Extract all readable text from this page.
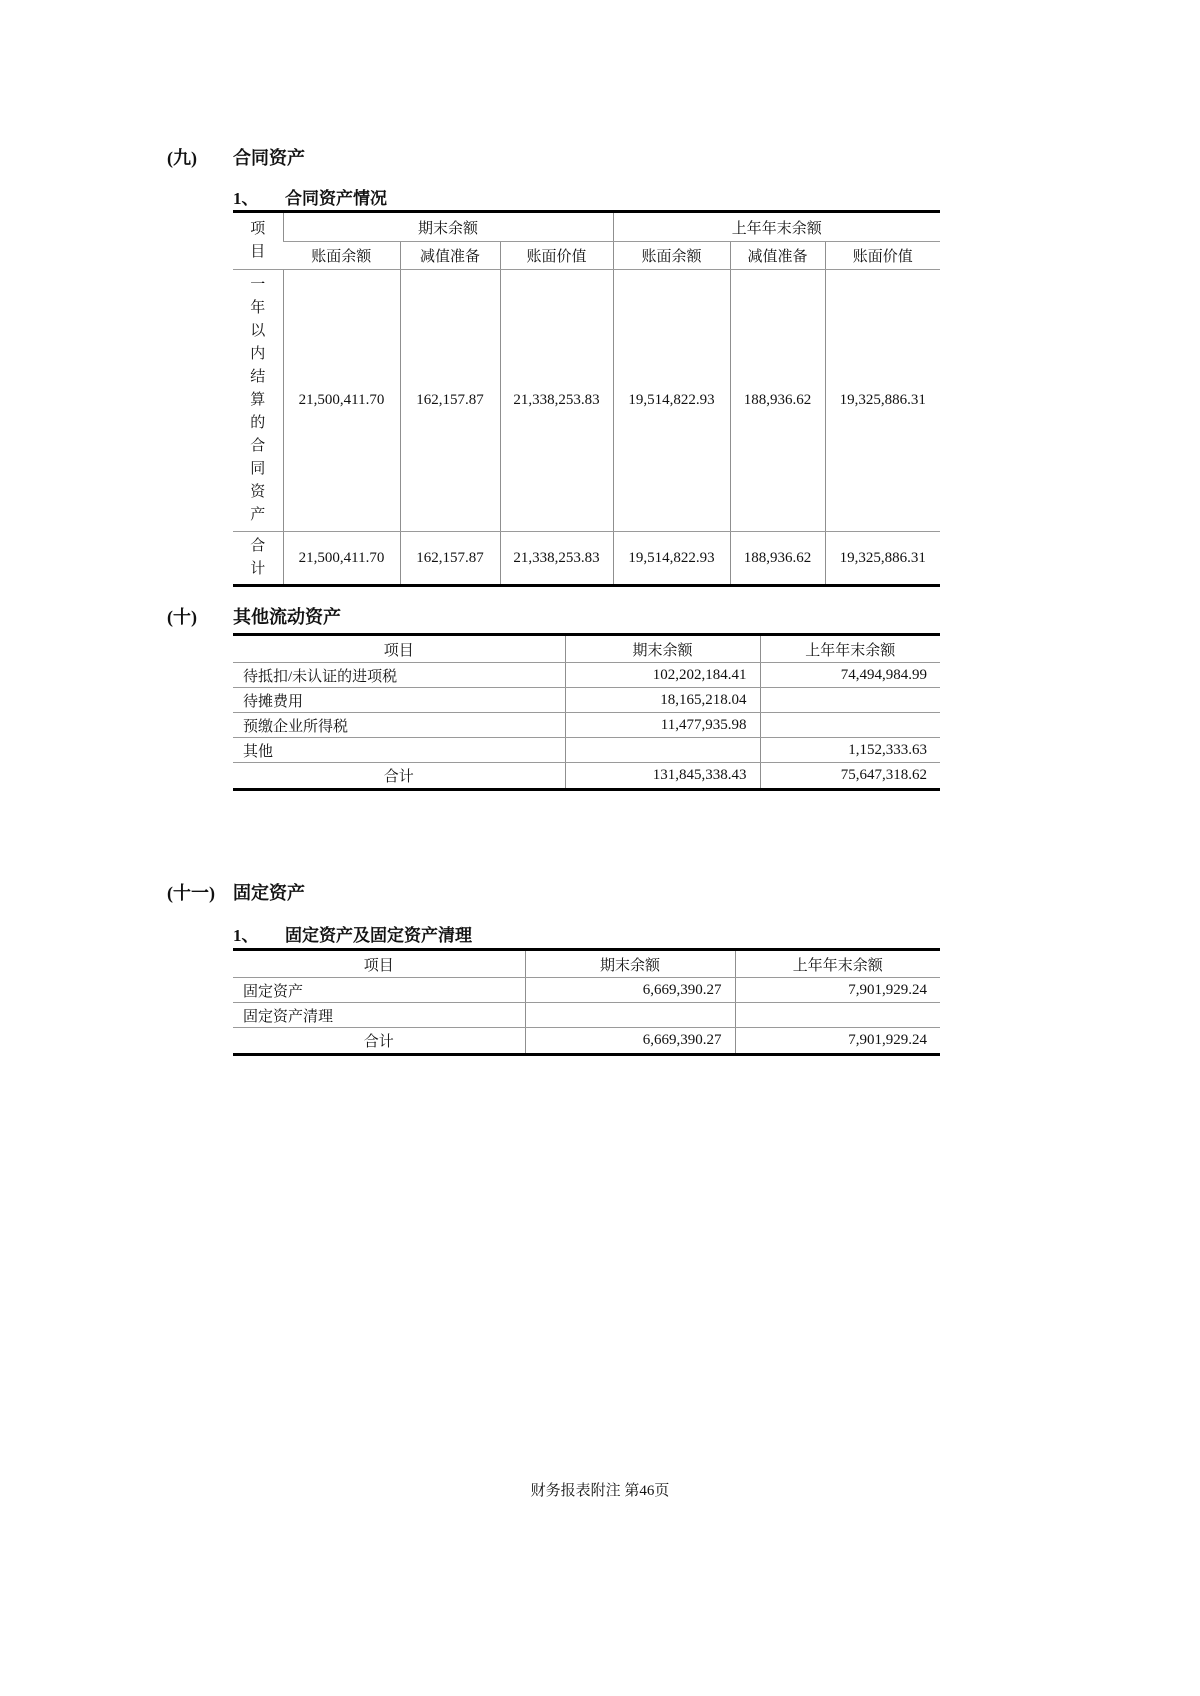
(九) 合同资产
1、 合同资产情况
项目	期末余额			上年年末余额		
	账面余额	减值准备	账面价值	账面余额	减值准备	账面价值
一年以内结算的合同资产	21,500,411.70	162,157.87	21,338,253.83	19,514,822.93	188,936.62	19,325,886.31
合计	21,500,411.70	162,157.87	21,338,253.83	19,514,822.93	188,936.62	19,325,886.31
(十) 其他流动资产
项目	期末余额	上年年末余额
待抵扣/未认证的进项税	102,202,184.41	74,494,984.99
待摊费用	18,165,218.04	
预缴企业所得税	11,477,935.98	
其他		1,152,333.63
合计	131,845,338.43	75,647,318.62
(十一) 固定资产
1、 固定资产及固定资产清理
项目	期末余额	上年年末余额
固定资产	6,669,390.27	7,901,929.24
固定资产清理		
合计	6,669,390.27	7,901,929.24
财务报表附注 第46页
